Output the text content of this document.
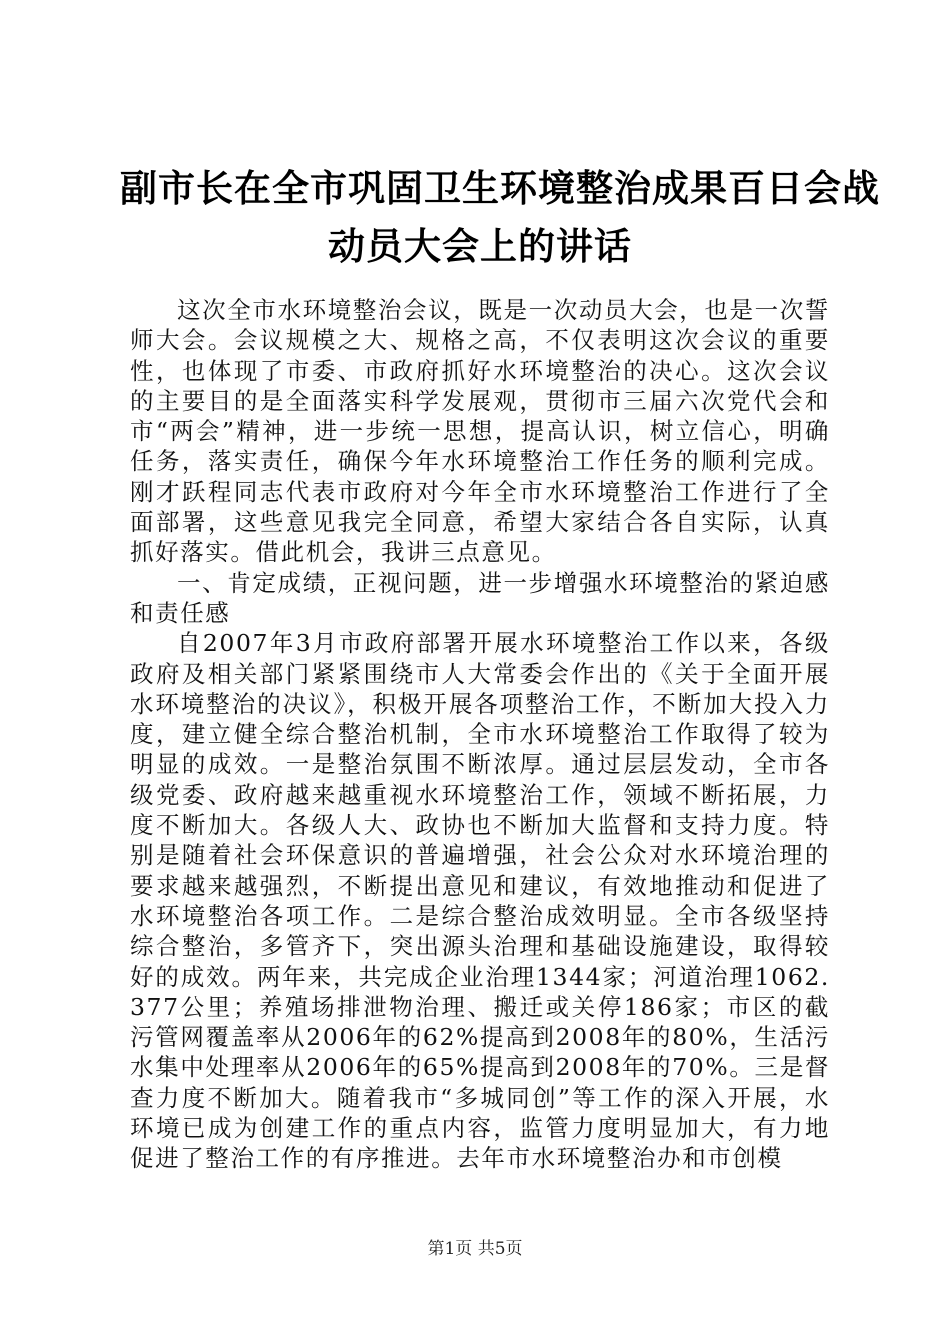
副市长在全市巩固卫生环境整治成果百日会战
动员大会上的讲话

这次全市水环境整治会议，既是一次动员大会，也是一次誓师大会。会议规模之大、规格之高，不仅表明这次会议的重要性，也体现了市委、市政府抓好水环境整治的决心。这次会议的主要目的是全面落实科学发展观，贯彻市三届六次党代会和市“两会”精神，进一步统一思想，提高认识，树立信心，明确任务，落实责任，确保今年水环境整治工作任务的顺利完成。刚才跃程同志代表市政府对今年全市水环境整治工作进行了全面部署，这些意见我完全同意，希望大家结合各自实际，认真抓好落实。借此机会，我讲三点意见。

一、肯定成绩，正视问题，进一步增强水环境整治的紧迫感和责任感

自2007年3月市政府部署开展水环境整治工作以来，各级政府及相关部门紧紧围绕市人大常委会作出的《关于全面开展水环境整治的决议》，积极开展各项整治工作，不断加大投入力度，建立健全综合整治机制，全市水环境整治工作取得了较为明显的成效。一是整治氛围不断浓厚。通过层层发动，全市各级党委、政府越来越重视水环境整治工作，领域不断拓展，力度不断加大。各级人大、政协也不断加大监督和支持力度。特别是随着社会环保意识的普遍增强，社会公众对水环境治理的要求越来越强烈，不断提出意见和建议，有效地推动和促进了水环境整治各项工作。二是综合整治成效明显。全市各级坚持综合整治，多管齐下，突出源头治理和基础设施建设，取得较好的成效。两年来，共完成企业治理1344家；河道治理1062.377公里；养殖场排泄物治理、搬迁或关停186家；市区的截污管网覆盖率从2006年的62%提高到2008年的80%，生活污水集中处理率从2006年的65%提高到2008年的70%。三是督查力度不断加大。随着我市“多城同创”等工作的深入开展，水环境已成为创建工作的重点内容，监管力度明显加大，有力地促进了整治工作的有序推进。去年市水环境整治办和市创模

第1页 共5页
